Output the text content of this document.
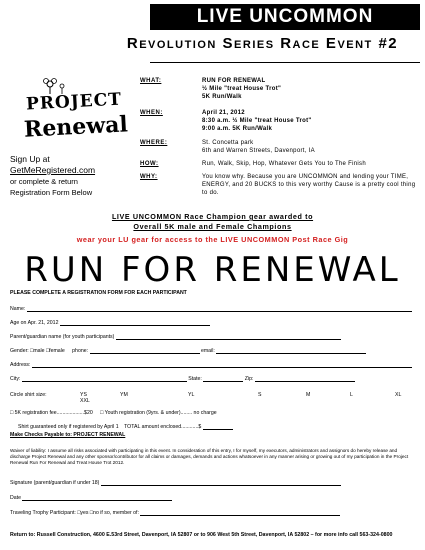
LIVE UNCOMMON
Revolution Series Race Event #2
PROJECT
Renewal
Sign Up at
GetMeRegistered.com
or complete & return
Registration Form Below
WHAT:	RUN FOR RENEWAL
½ Mile "treat House Trot"
5K Run/Walk
WHEN:	April 21, 2012
8:30 a.m. ½ Mile "treat House Trot"
9:00 a.m. 5K Run/Walk
WHERE:	St. Concetta park
6th and Warren Streets, Davenport, IA
HOW:	Run, Walk, Skip, Hop, Whatever Gets You to The Finish
WHY:	You know why. Because you are UNCOMMON and lending your TIME, ENERGY, and 20 BUCKS to this very worthy Cause is a pretty cool thing to do.
LIVE UNCOMMON Race Champion gear awarded to
Overall 5K male and Female Champions
wear your LU gear for access to the LIVE UNCOMMON Post Race Gig
RUN FOR RENEWAL
PLEASE COMPLETE A REGISTRATION FORM FOR EACH PARTICIPANT
Name:
Age on Apr. 21, 2012
Parent/guardian name (for youth participants)
Gender: □male □female phone:	email:
Address:
City:	State:	Zip:
Circle shirt size:	YS	YM	YL	S	M	L	XL
XXL
□ 5K registration fee...................$20 □ Youth registration (9yrs. & under)........ no charge
Shirt guaranteed only if registered by April 1 TOTAL amount enclosed............$
Make Checks Payable to: PROJECT RENEWAL
Waiver of liability: I assume all risks associated with participating in this event. In consideration of this entry, I for myself, my executors, administrators and assignors do hereby release and discharge Project Renewal and any other sponsor/contributor for all claims or damages, demands and actions whatsoever in any manner arising or growing out of my participation in the Project Renewal Run For Renewal and Treat House Trot 2012.
Signature (parent/guardian if under 18)
Date
Traveling Trophy Participant: □yes □no if so, member of:
Return to: Russell Construction, 4600 E.53rd Street, Davenport, IA 52807 or to 906 West 5th Street, Davenport, IA 52802 – for more info call 563-324-0800
